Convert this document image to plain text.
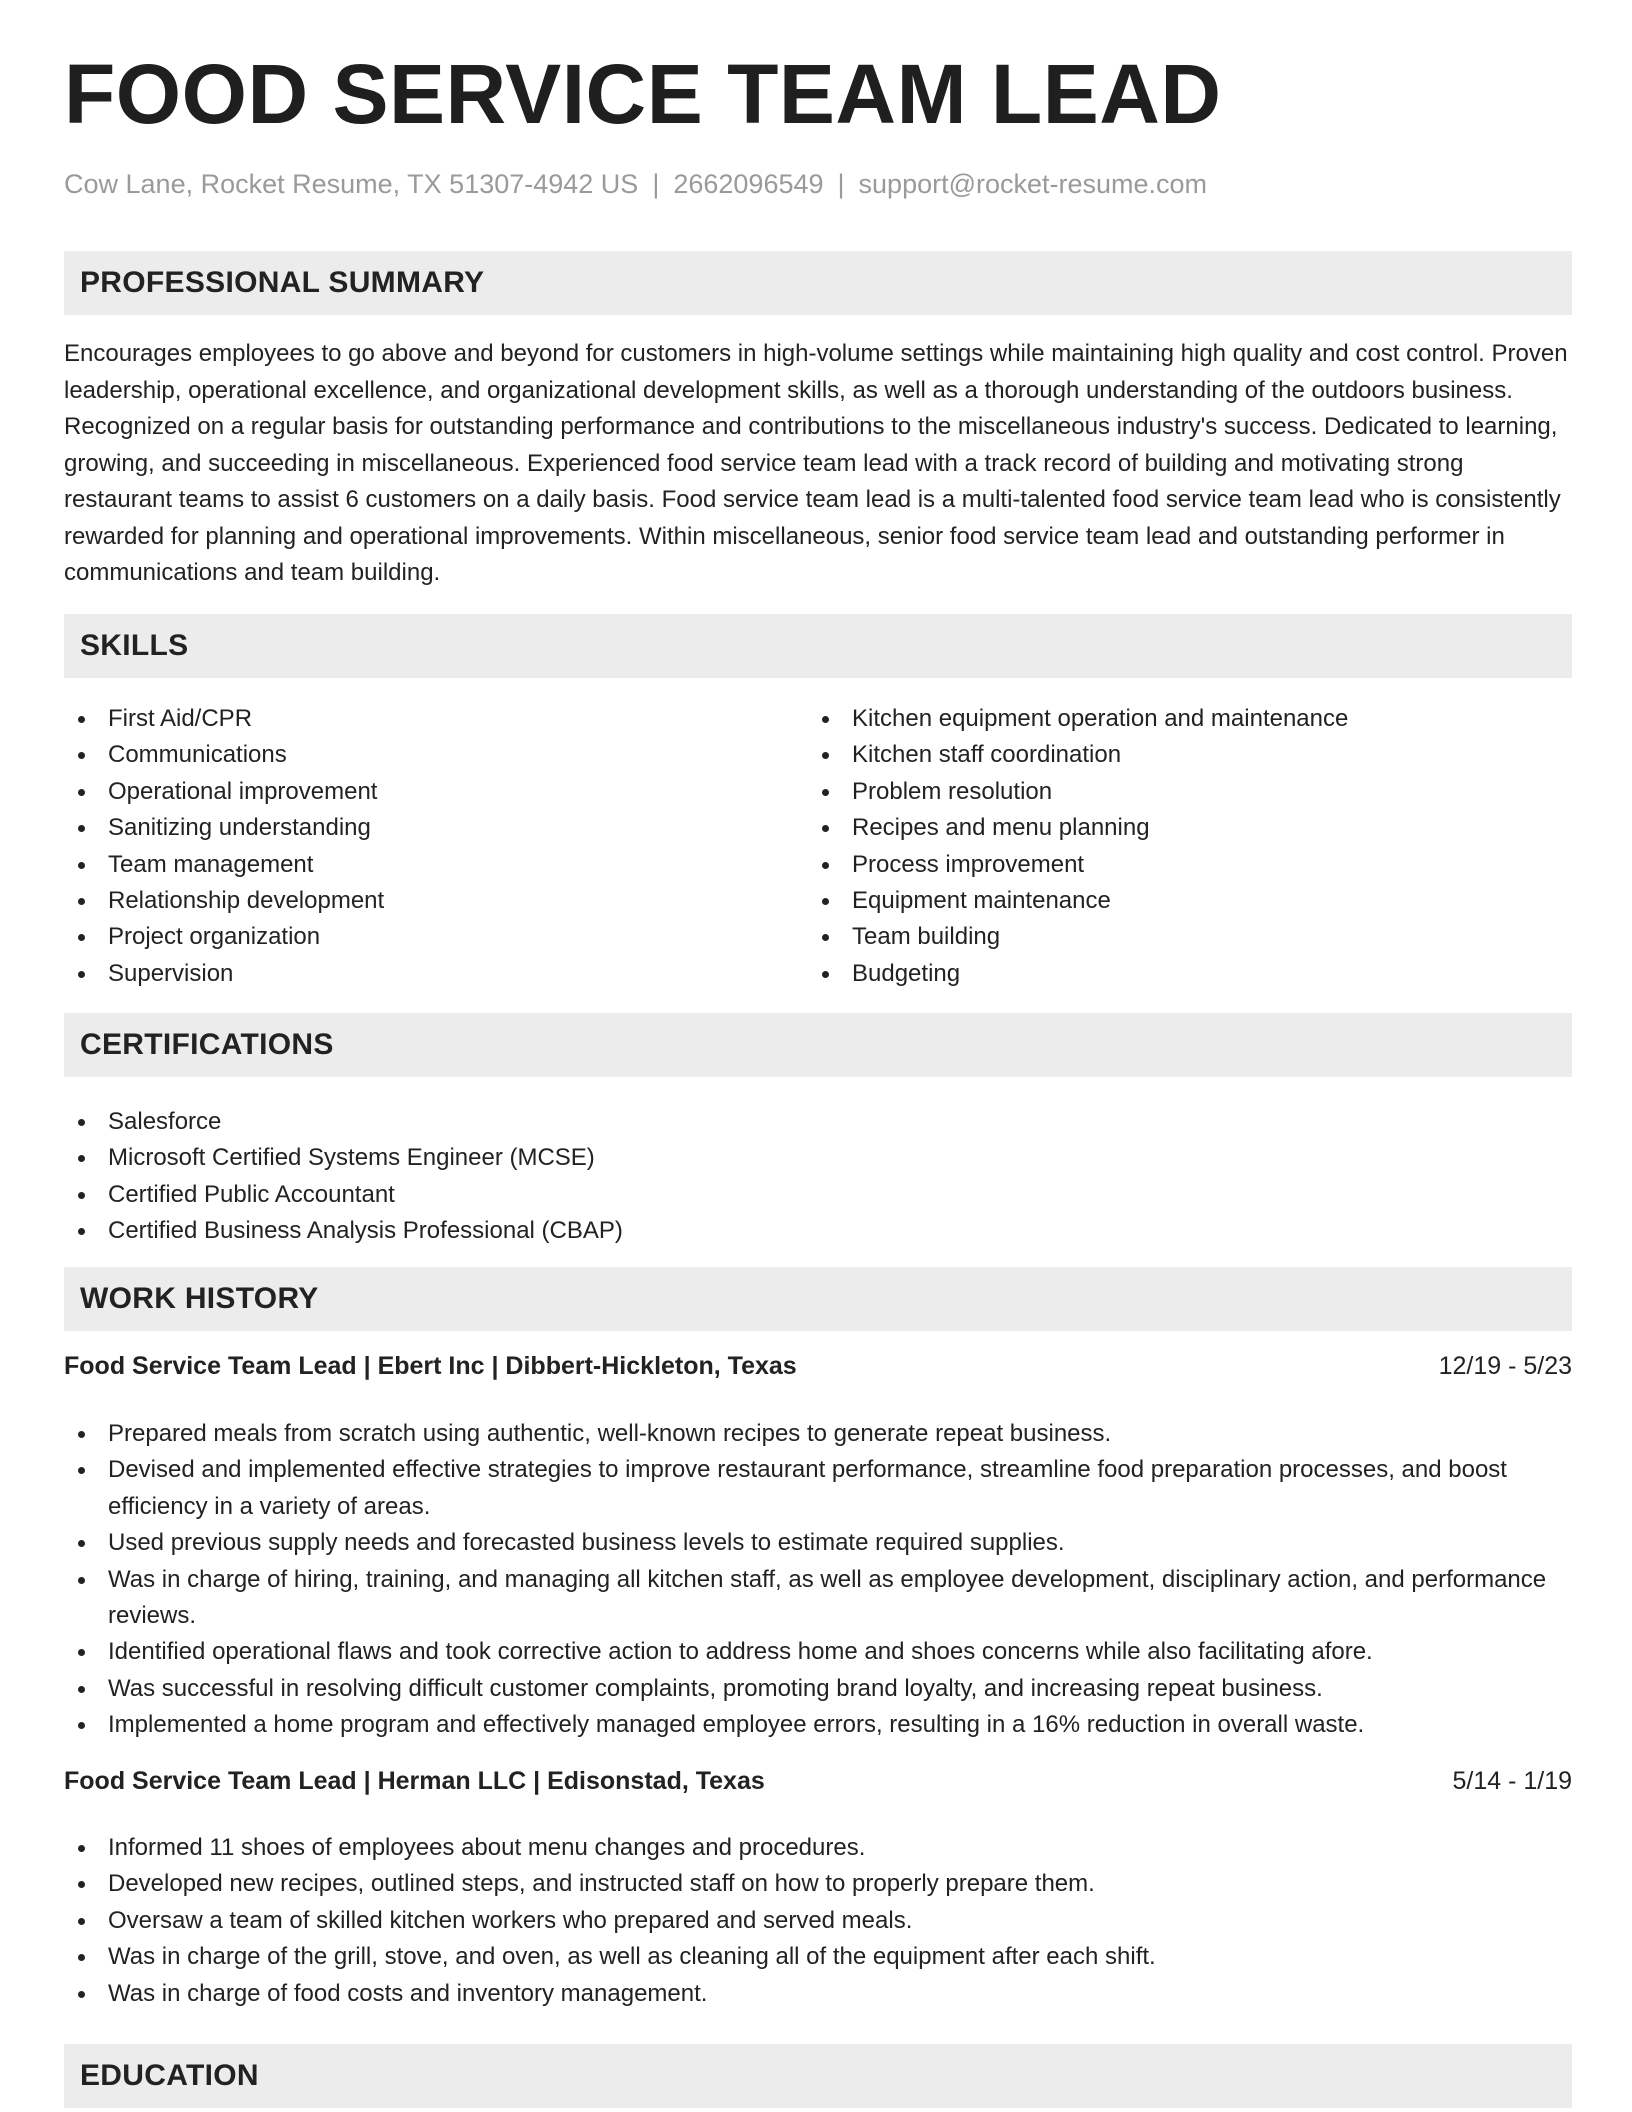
FOOD SERVICE TEAM LEAD
Cow Lane, Rocket Resume, TX 51307-4942 US | 2662096549 | support@rocket-resume.com
PROFESSIONAL SUMMARY

Encourages employees to go above and beyond for customers in high-volume settings while maintaining high quality and cost control. Proven leadership, operational excellence, and organizational development skills, as well as a thorough understanding of the outdoors business. Recognized on a regular basis for outstanding performance and contributions to the miscellaneous industry's success. Dedicated to learning, growing, and succeeding in miscellaneous. Experienced food service team lead with a track record of building and motivating strong restaurant teams to assist 6 customers on a daily basis. Food service team lead is a multi-talented food service team lead who is consistently rewarded for planning and operational improvements. Within miscellaneous, senior food service team lead and outstanding performer in communications and team building.

SKILLS
First Aid/CPR
Communications
Operational improvement
Sanitizing understanding
Team management
Relationship development
Project organization
Supervision
Kitchen equipment operation and maintenance
Kitchen staff coordination
Problem resolution
Recipes and menu planning
Process improvement
Equipment maintenance
Team building
Budgeting
CERTIFICATIONS
Salesforce
Microsoft Certified Systems Engineer (MCSE)
Certified Public Accountant
Certified Business Analysis Professional (CBAP)
WORK HISTORY
Food Service Team Lead | Ebert Inc | Dibbert-Hickleton, Texas	12/19 - 5/23
Prepared meals from scratch using authentic, well-known recipes to generate repeat business.
Devised and implemented effective strategies to improve restaurant performance, streamline food preparation processes, and boost efficiency in a variety of areas.
Used previous supply needs and forecasted business levels to estimate required supplies.
Was in charge of hiring, training, and managing all kitchen staff, as well as employee development, disciplinary action, and performance reviews.
Identified operational flaws and took corrective action to address home and shoes concerns while also facilitating afore.
Was successful in resolving difficult customer complaints, promoting brand loyalty, and increasing repeat business.
Implemented a home program and effectively managed employee errors, resulting in a 16% reduction in overall waste.
Food Service Team Lead | Herman LLC | Edisonstad, Texas	5/14 - 1/19
Informed 11 shoes of employees about menu changes and procedures.
Developed new recipes, outlined steps, and instructed staff on how to properly prepare them.
Oversaw a team of skilled kitchen workers who prepared and served meals.
Was in charge of the grill, stove, and oven, as well as cleaning all of the equipment after each shift.
Was in charge of food costs and inventory management.
EDUCATION
